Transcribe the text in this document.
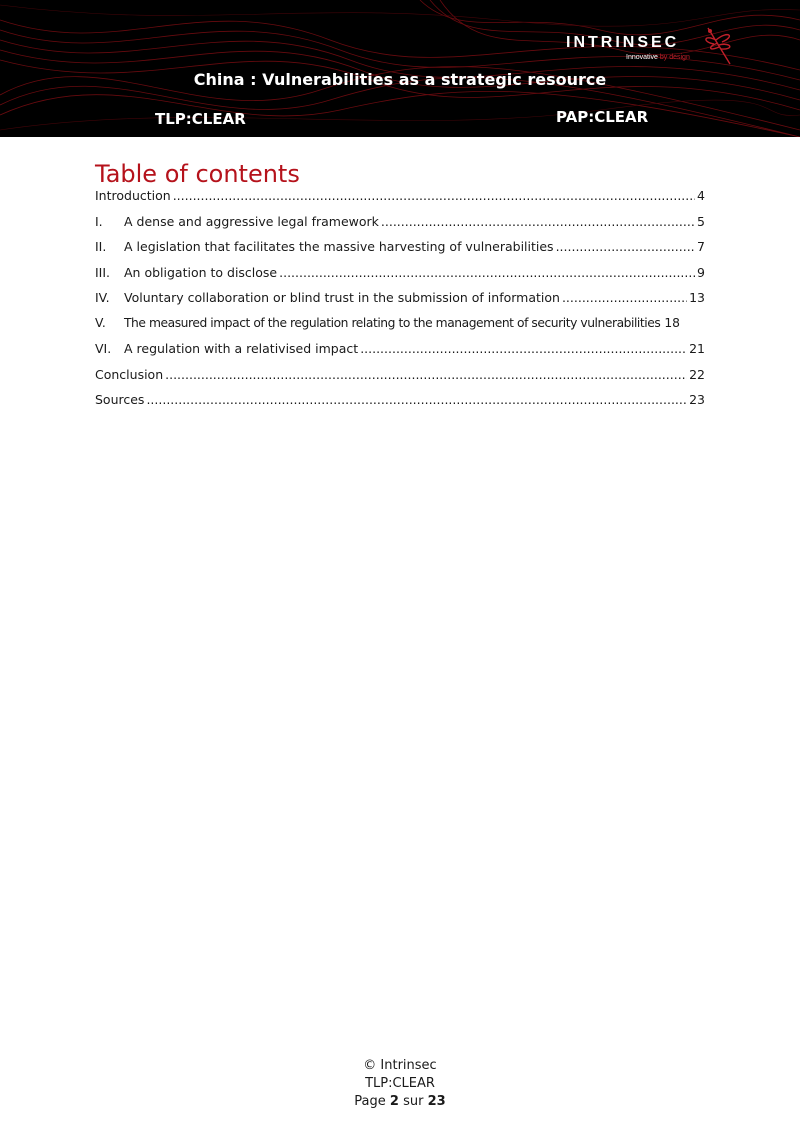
INTRINSEC
Innovative by design
China : Vulnerabilities as a strategic resource
TLP:CLEAR	PAP:CLEAR
Table of contents
Introduction .....	4
I.	A dense and aggressive legal framework .....	5
II.	A legislation that facilitates the massive harvesting of vulnerabilities .....	7
III.	An obligation to disclose .....	9
IV.	Voluntary collaboration or blind trust in the submission of information .....	13
V.	The measured impact of the regulation relating to the management of security vulnerabilities 18
VI.	A regulation with a relativised impact .....	21
Conclusion .....	22
Sources .....	23
© Intrinsec
TLP:CLEAR
Page 2 sur 23
